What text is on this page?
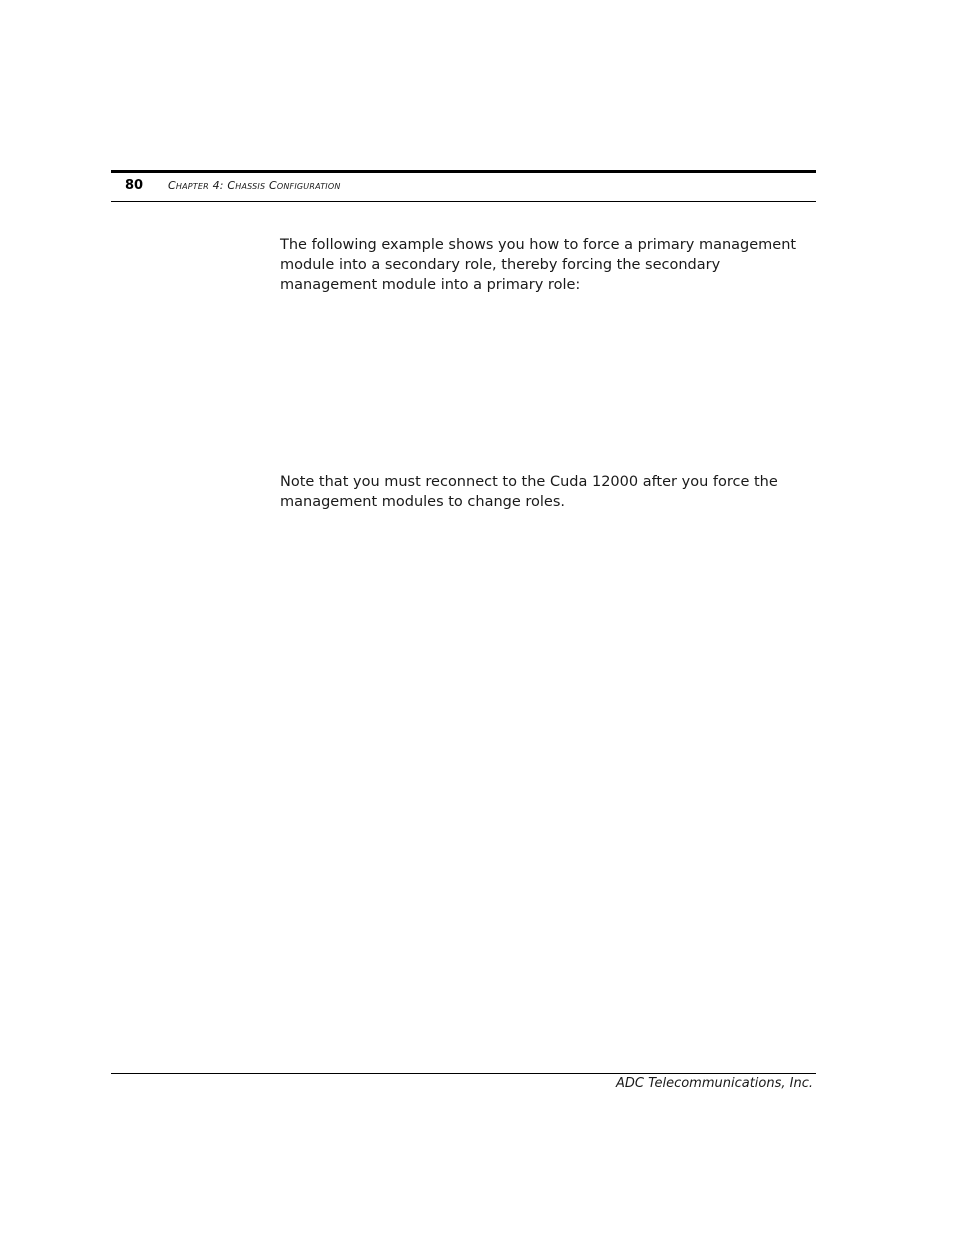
80 Chapter 4: Chassis Configuration

The following example shows you how to force a primary management module into a secondary role, thereby forcing the secondary management module into a primary role:

Note that you must reconnect to the Cuda 12000 after you force the management modules to change roles.

ADC Telecommunications, Inc.
